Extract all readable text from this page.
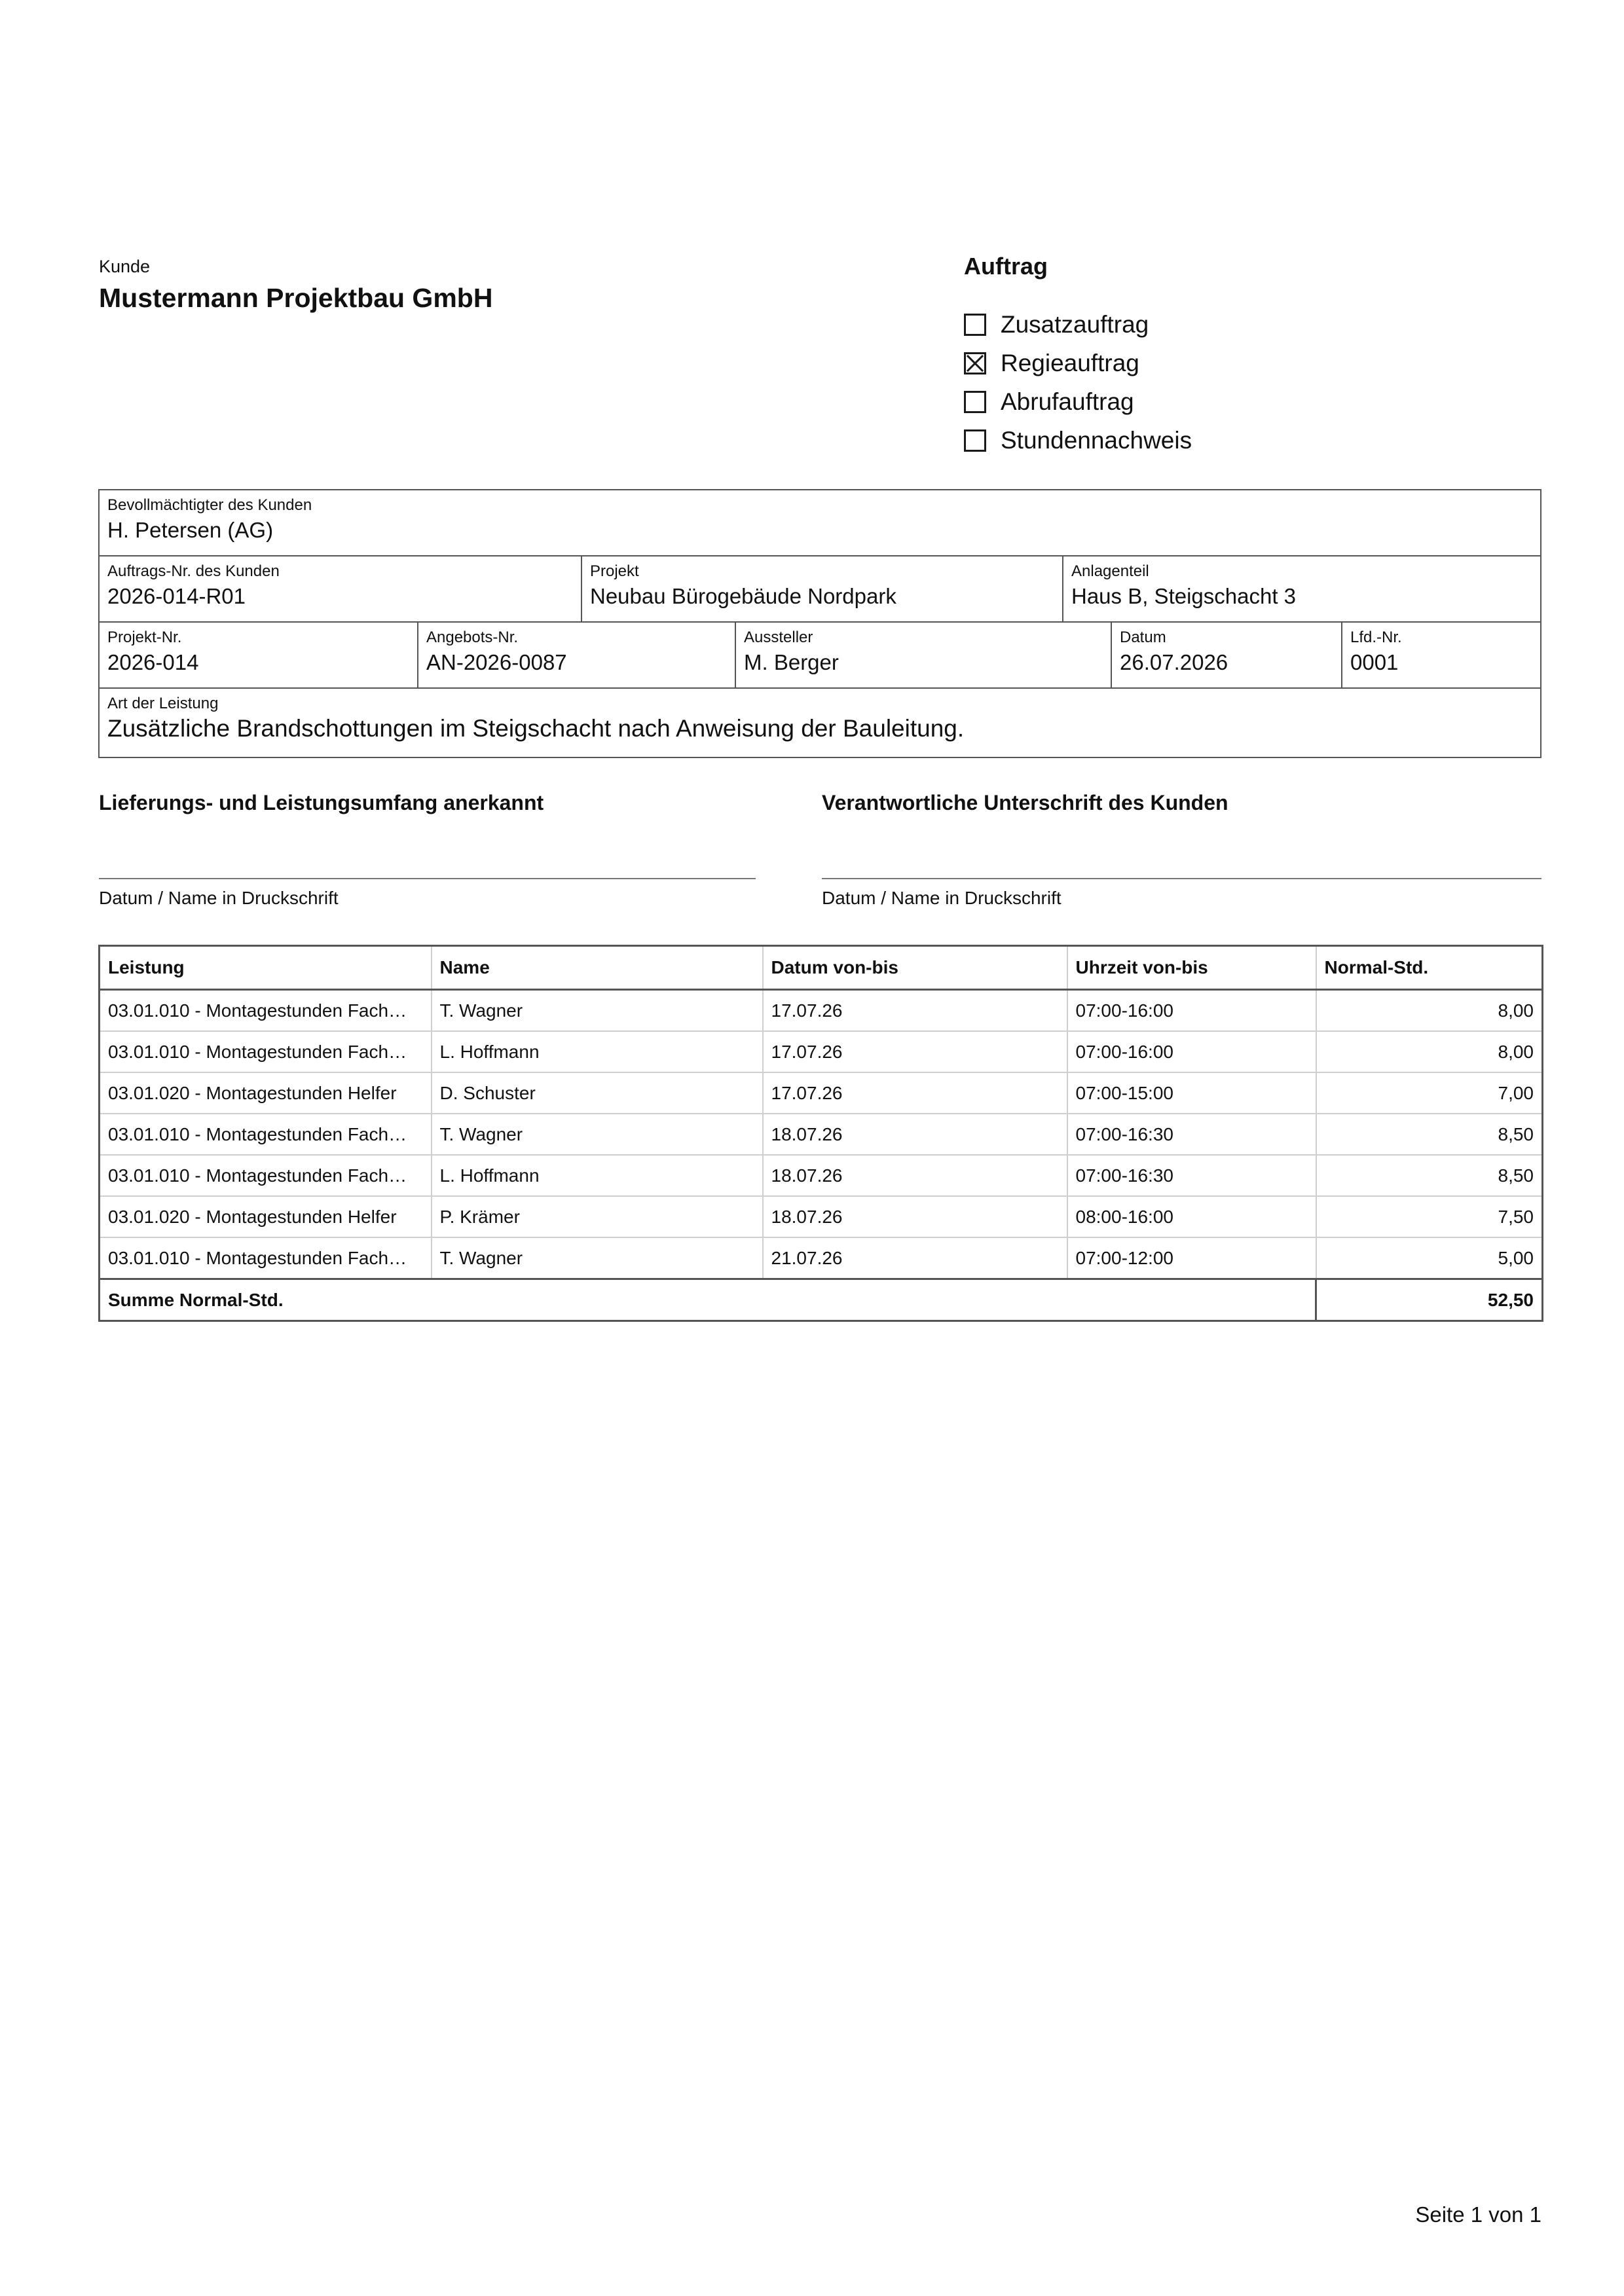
Kunde
Mustermann Projektbau GmbH
Auftrag
Zusatzauftrag
Regieauftrag
Abrufauftrag
Stundennachweis
Bevollmächtigter des Kunden
H. Petersen (AG)
Auftrags-Nr. des Kunden
2026-014-R01
Projekt
Neubau Bürogebäude Nordpark
Anlagenteil
Haus B, Steigschacht 3
Projekt-Nr.
2026-014
Angebots-Nr.
AN-2026-0087
Aussteller
M. Berger
Datum
26.07.2026
Lfd.-Nr.
0001
Art der Leistung
Zusätzliche Brandschottungen im Steigschacht nach Anweisung der Bauleitung.
Lieferungs- und Leistungsumfang anerkannt	Verantwortliche Unterschrift des Kunden
Datum / Name in Druckschrift	Datum / Name in Druckschrift
Leistung	Name	Datum von-bis	Uhrzeit von-bis	Normal-Std.
03.01.010 - Montagestunden Fach…	T. Wagner	17.07.26	07:00-16:00	8,00
03.01.010 - Montagestunden Fach…	L. Hoffmann	17.07.26	07:00-16:00	8,00
03.01.020 - Montagestunden Helfer	D. Schuster	17.07.26	07:00-15:00	7,00
03.01.010 - Montagestunden Fach…	T. Wagner	18.07.26	07:00-16:30	8,50
03.01.010 - Montagestunden Fach…	L. Hoffmann	18.07.26	07:00-16:30	8,50
03.01.020 - Montagestunden Helfer	P. Krämer	18.07.26	08:00-16:00	7,50
03.01.010 - Montagestunden Fach…	T. Wagner	21.07.26	07:00-12:00	5,00
Summe Normal-Std.				52,50
Seite 1 von 1
